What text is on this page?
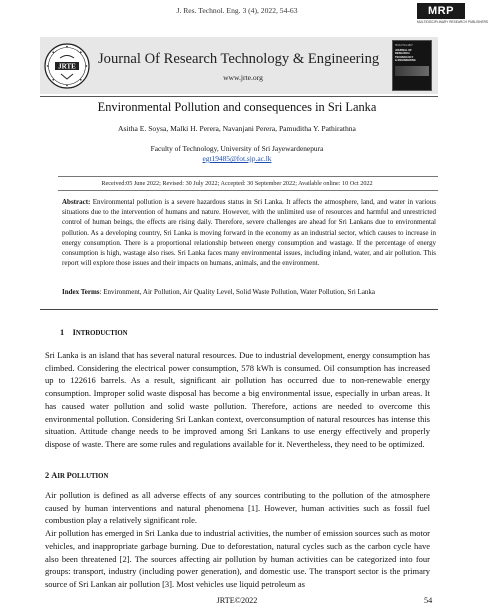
J. Res. Technol. Eng. 3 (4), 2022, 54-63	MRP
MULTIDISCIPLINARY RESEARCH PUBLISHERS
JRTE Journal Of Research Technology & Engineering
www.jrte.org
ISSN 2714-1837
JOURNAL OF
RESEARCH
TECHNOLOGY
& ENGINEERING
Environmental Pollution and consequences in Sri Lanka
Asitha E. Soysa, Malki H. Perera, Navanjani Perera, Pamuditha Y. Pathirathna
Faculty of Technology, University of Sri Jayewardenepura
egt19485@fot.sjp.ac.lk
Received:05 June 2022; Revised: 30 July 2022; Accepted: 30 September 2022; Available online: 10 Oct 2022
Abstract: Environmental pollution is a severe hazardous status in Sri Lanka. It affects the atmosphere, land, and water in various situations due to the intervention of humans and nature. However, with the unlimited use of resources and harmful and unrestricted control of human beings, the effects are rising daily. Therefore, severe challenges are ahead for Sri Lankans due to environmental pollution. As a developing country, Sri Lanka is moving forward in the economy as an industrial sector, which causes to increase in energy consumption. There is a proportional relationship between energy consumption and wastage. If the percentage of energy consumption is high, wastage also rises. Sri Lanka faces many environmental issues, including inland, water, and air pollution. This report will explore those issues and their impacts on humans, animals, and the environment.
Index Terms: Environment, Air Pollution, Air Quality Level, Solid Waste Pollution, Water Pollution, Sri Lanka
1 INTRODUCTION
Sri Lanka is an island that has several natural resources. Due to industrial development, energy consumption has climbed. Considering the electrical power consumption, 578 kWh is consumed. Oil consumption has increased up to 122616 barrels. As a result, significant air pollution has occurred due to non-renewable energy consumption. Improper solid waste disposal has become a big environmental issue, especially in urban areas. It has caused water pollution and solid waste pollution. Therefore, actions are needed to overcome this environmental pollution. Considering Sri Lankan context, overconsumption of natural resources has intense this situation. Attitude change needs to be improved among Sri Lankans to use energy effectively and properly dispose of waste. There are some rules and regulations available for it. Nevertheless, they need to be optimized.
2 AIR POLLUTION
Air pollution is defined as all adverse effects of any sources contributing to the pollution of the atmosphere caused by human interventions and natural phenomena [1]. However, human activities such as fossil fuel combustion play a relatively significant role.
Air pollution has emerged in Sri Lanka due to industrial activities, the number of emission sources such as motor vehicles, and inappropriate garbage burning. Due to deforestation, natural cycles such as the carbon cycle have also been threatened [2]. The sources affecting air pollution by human activities can be categorized into four groups: transport, industry (including power generation), and domestic use. The transport sector is the primary source of Sri Lankan air pollution [3]. Most vehicles use liquid petroleum as
JRTE©2022	54
